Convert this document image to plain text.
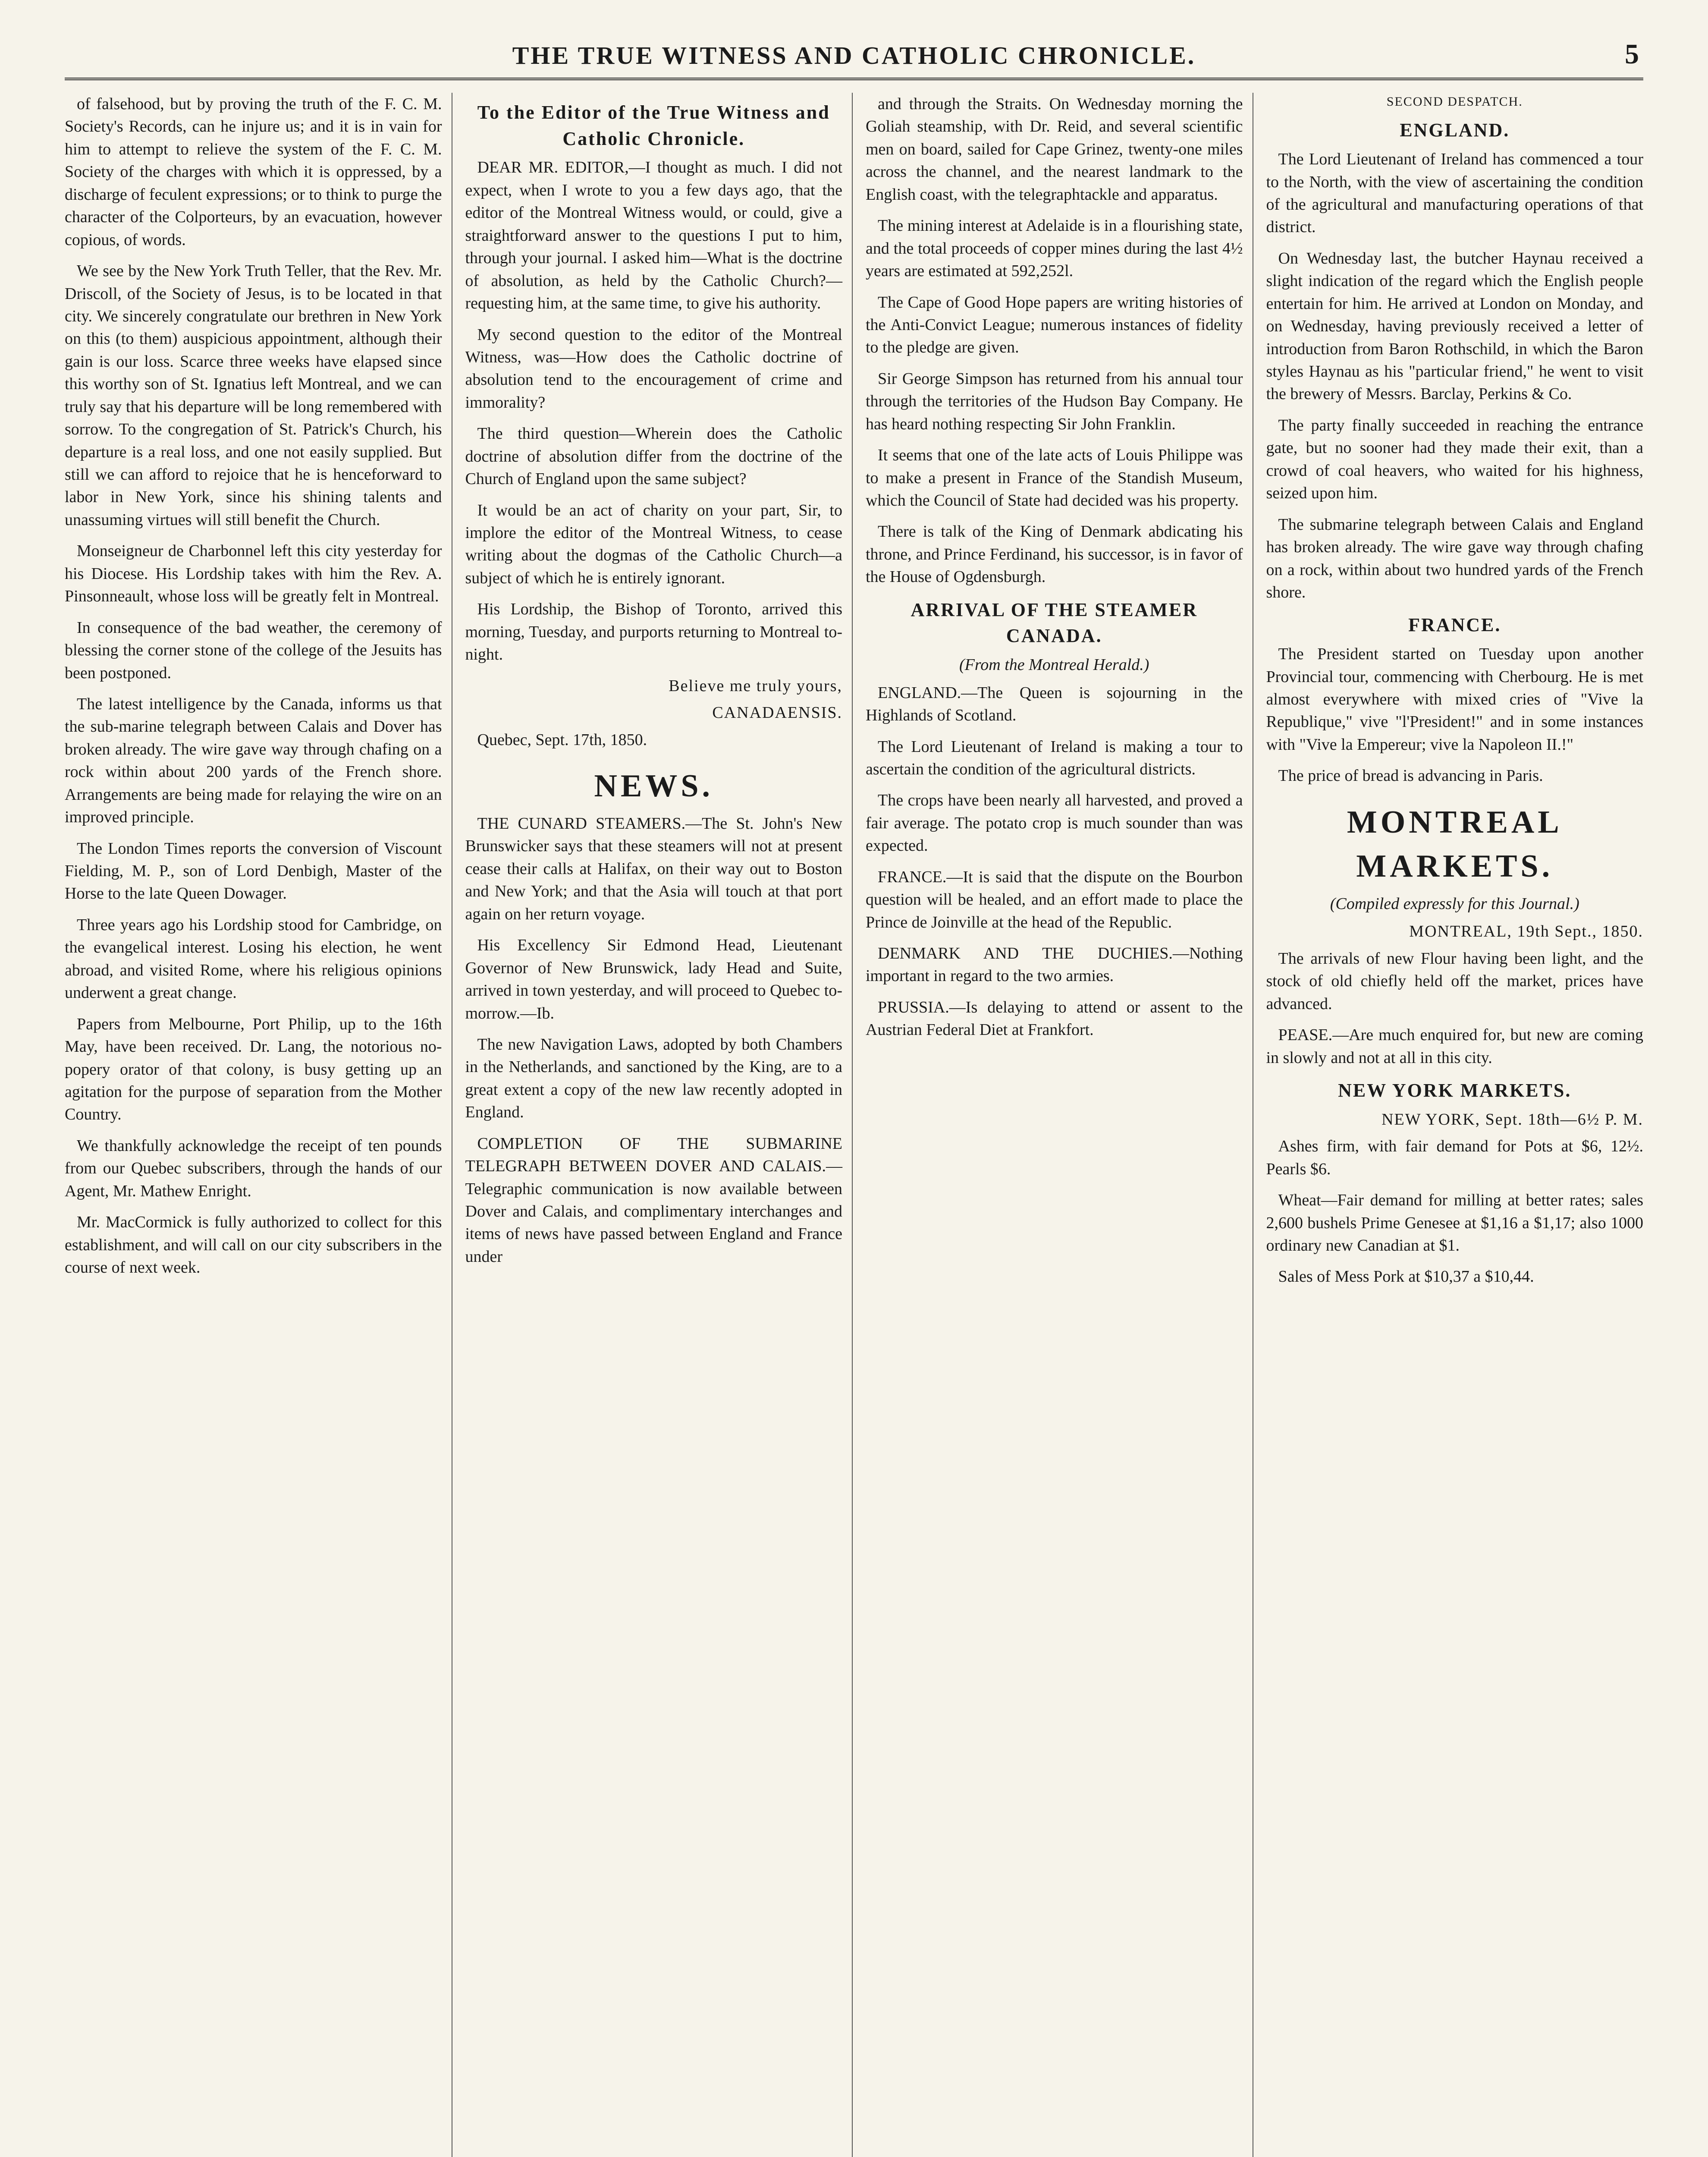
THE TRUE WITNESS AND CATHOLIC CHRONICLE.	5

of falsehood, but by proving the truth of the F. C. M. Society's Records, can he injure us; and it is in vain for him to attempt to relieve the system of the F. C. M. Society of the charges with which it is oppressed, by a discharge of feculent expressions; or to think to purge the character of the Colporteurs, by an evacuation, however copious, of words.

We see by the New York Truth Teller, that the Rev. Mr. Driscoll, of the Society of Jesus, is to be located in that city. We sincerely congratulate our brethren in New York on this (to them) auspicious appointment, although their gain is our loss. Scarce three weeks have elapsed since this worthy son of St. Ignatius left Montreal, and we can truly say that his departure will be long remembered with sorrow. To the congregation of St. Patrick's Church, his departure is a real loss, and one not easily supplied. But still we can afford to rejoice that he is henceforward to labor in New York, since his shining talents and unassuming virtues will still benefit the Church.

Monseigneur de Charbonnel left this city yesterday for his Diocese. His Lordship takes with him the Rev. A. Pinsonneault, whose loss will be greatly felt in Montreal.

In consequence of the bad weather, the ceremony of blessing the corner stone of the college of the Jesuits has been postponed.

The latest intelligence by the Canada, informs us that the sub-marine telegraph between Calais and Dover has broken already. The wire gave way through chafing on a rock within about 200 yards of the French shore. Arrangements are being made for relaying the wire on an improved principle.

The London Times reports the conversion of Viscount Fielding, M. P., son of Lord Denbigh, Master of the Horse to the late Queen Dowager.

Three years ago his Lordship stood for Cambridge, on the evangelical interest. Losing his election, he went abroad, and visited Rome, where his religious opinions underwent a great change.

Papers from Melbourne, Port Philip, up to the 16th May, have been received. Dr. Lang, the notorious no-popery orator of that colony, is busy getting up an agitation for the purpose of separation from the Mother Country.

We thankfully acknowledge the receipt of ten pounds from our Quebec subscribers, through the hands of our Agent, Mr. Mathew Enright.

Mr. MacCormick is fully authorized to collect for this establishment, and will call on our city subscribers in the course of next week.

To the Editor of the True Witness and Catholic Chronicle.

DEAR MR. EDITOR,—I thought as much. I did not expect, when I wrote to you a few days ago, that the editor of the Montreal Witness would, or could, give a straightforward answer to the questions I put to him, through your journal. I asked him—What is the doctrine of absolution, as held by the Catholic Church?—requesting him, at the same time, to give his authority.

My second question to the editor of the Montreal Witness, was—How does the Catholic doctrine of absolution tend to the encouragement of crime and immorality?

The third question—Wherein does the Catholic doctrine of absolution differ from the doctrine of the Church of England upon the same subject?

It would be an act of charity on your part, Sir, to implore the editor of the Montreal Witness, to cease writing about the dogmas of the Catholic Church—a subject of which he is entirely ignorant.

His Lordship, the Bishop of Toronto, arrived this morning, Tuesday, and purports returning to Montreal to-night.

Believe me truly yours,
CANADAENSIS.

Quebec, Sept. 17th, 1850.

NEWS.

THE CUNARD STEAMERS.—The St. John's New Brunswicker says that these steamers will not at present cease their calls at Halifax, on their way out to Boston and New York; and that the Asia will touch at that port again on her return voyage.

His Excellency Sir Edmond Head, Lieutenant Governor of New Brunswick, lady Head and Suite, arrived in town yesterday, and will proceed to Quebec to-morrow.—Ib.

The new Navigation Laws, adopted by both Chambers in the Netherlands, and sanctioned by the King, are to a great extent a copy of the new law recently adopted in England.

COMPLETION OF THE SUBMARINE TELEGRAPH BETWEEN DOVER AND CALAIS.—Telegraphic communication is now available between Dover and Calais, and complimentary interchanges and items of news have passed between England and France under

and through the Straits. On Wednesday morning the Goliah steamship, with Dr. Reid, and several scientific men on board, sailed for Cape Grinez, twenty-one miles across the channel, and the nearest landmark to the English coast, with the telegraphtackle and apparatus.

The mining interest at Adelaide is in a flourishing state, and the total proceeds of copper mines during the last 4½ years are estimated at 592,252l.

The Cape of Good Hope papers are writing histories of the Anti-Convict League; numerous instances of fidelity to the pledge are given.

Sir George Simpson has returned from his annual tour through the territories of the Hudson Bay Company. He has heard nothing respecting Sir John Franklin.

It seems that one of the late acts of Louis Philippe was to make a present in France of the Standish Museum, which the Council of State had decided was his property.

There is talk of the King of Denmark abdicating his throne, and Prince Ferdinand, his successor, is in favor of the House of Ogdensburgh.

ARRIVAL OF THE STEAMER CANADA.
(From the Montreal Herald.)

ENGLAND.—The Queen is sojourning in the Highlands of Scotland.

The Lord Lieutenant of Ireland is making a tour to ascertain the condition of the agricultural districts.

The crops have been nearly all harvested, and proved a fair average. The potato crop is much sounder than was expected.

FRANCE.—It is said that the dispute on the Bourbon question will be healed, and an effort made to place the Prince de Joinville at the head of the Republic.

DENMARK AND THE DUCHIES.—Nothing important in regard to the two armies.

PRUSSIA.—Is delaying to attend or assent to the Austrian Federal Diet at Frankfort.

SECOND DESPATCH.
ENGLAND.

The Lord Lieutenant of Ireland has commenced a tour to the North, with the view of ascertaining the condition of the agricultural and manufacturing operations of that district.

On Wednesday last, the butcher Haynau received a slight indication of the regard which the English people entertain for him. He arrived at London on Monday, and on Wednesday, having previously received a letter of introduction from Baron Rothschild, in which the Baron styles Haynau as his "particular friend," he went to visit the brewery of Messrs. Barclay, Perkins & Co.

The party finally succeeded in reaching the entrance gate, but no sooner had they made their exit, than a crowd of coal heavers, who waited for his highness, seized upon him.

The submarine telegraph between Calais and England has broken already. The wire gave way through chafing on a rock, within about two hundred yards of the French shore.

FRANCE.

The President started on Tuesday upon another Provincial tour, commencing with Cherbourg. He is met almost everywhere with mixed cries of "Vive la Republique," vive "l'President!" and in some instances with "Vive la Empereur; vive la Napoleon II.!"

The price of bread is advancing in Paris.

MONTREAL MARKETS.
(Compiled expressly for this Journal.)
MONTREAL, 19th Sept., 1850.

The arrivals of new Flour having been light, and the stock of old chiefly held off the market, prices have advanced.

PEASE.—Are much enquired for, but new are coming in slowly and not at all in this city.

NEW YORK MARKETS.
NEW YORK, Sept. 18th—6½ P. M.

Ashes firm, with fair demand for Pots at $6, 12½. Pearls $6.

Wheat—Fair demand for milling at better rates; sales 2,600 bushels Prime Genesee at $1,16 a $1,17; also 1000 ordinary new Canadian at $1.

Sales of Mess Pork at $10,37 a $10,44.
